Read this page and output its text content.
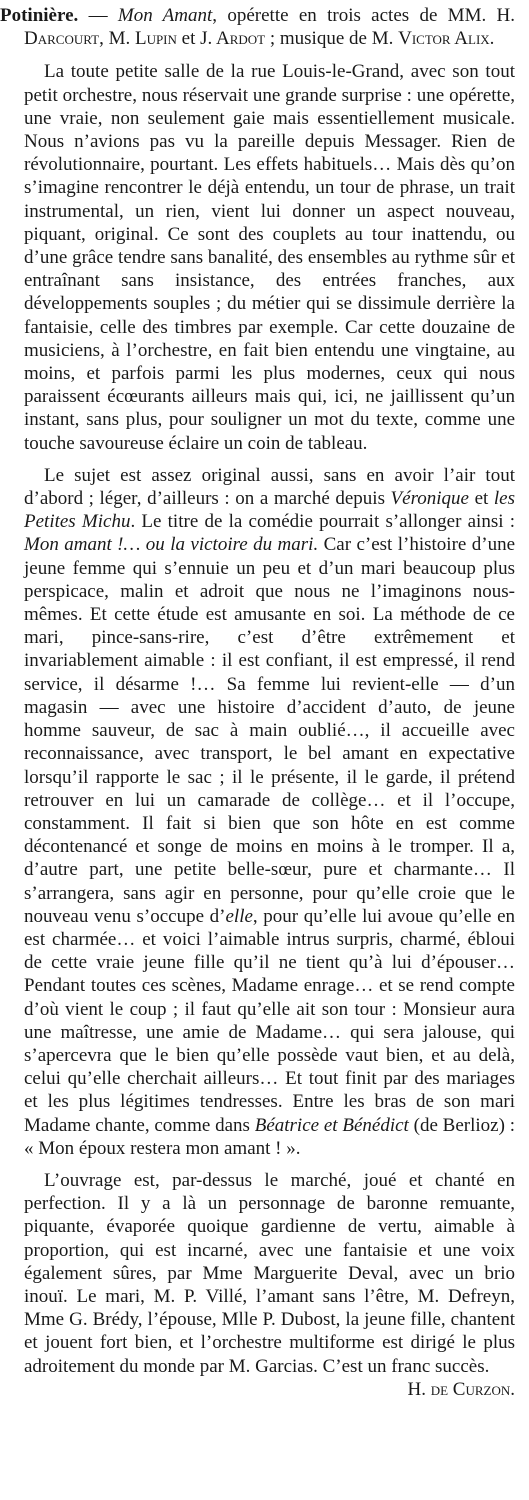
Potinière. — Mon Amant, opérette en trois actes de MM. H. Darcourt, M. Lupin et J. Ardot ; musique de M. Victor Alix.

La toute petite salle de la rue Louis-le-Grand, avec son tout petit orchestre, nous réservait une grande surprise : une opérette, une vraie, non seulement gaie mais essentiellement musicale. Nous n’avions pas vu la pareille depuis Messager. Rien de révolutionnaire, pourtant. Les effets habituels… Mais dès qu’on s’imagine rencontrer le déjà entendu, un tour de phrase, un trait instrumental, un rien, vient lui donner un aspect nouveau, piquant, original. Ce sont des couplets au tour inattendu, ou d’une grâce tendre sans banalité, des ensembles au rythme sûr et entraînant sans insistance, des entrées franches, aux développements souples ; du métier qui se dissimule derrière la fantaisie, celle des timbres par exemple. Car cette douzaine de musiciens, à l’orchestre, en fait bien entendu une vingtaine, au moins, et parfois parmi les plus modernes, ceux qui nous paraissent écœurants ailleurs mais qui, ici, ne jaillissent qu’un instant, sans plus, pour souligner un mot du texte, comme une touche savoureuse éclaire un coin de tableau.

Le sujet est assez original aussi, sans en avoir l’air tout d’abord ; léger, d’ailleurs : on a marché depuis Véronique et les Petites Michu. Le titre de la comédie pourrait s’allonger ainsi : Mon amant !… ou la victoire du mari. Car c’est l’histoire d’une jeune femme qui s’ennuie un peu et d’un mari beaucoup plus perspicace, malin et adroit que nous ne l’imaginons nous-mêmes. Et cette étude est amusante en soi. La méthode de ce mari, pince-sans-rire, c’est d’être extrêmement et invariablement aimable : il est confiant, il est empressé, il rend service, il désarme !… Sa femme lui revient-elle — d’un magasin — avec une histoire d’accident d’auto, de jeune homme sauveur, de sac à main oublié…, il accueille avec reconnaissance, avec transport, le bel amant en expectative lorsqu’il rapporte le sac ; il le présente, il le garde, il prétend retrouver en lui un camarade de collège… et il l’occupe, constamment. Il fait si bien que son hôte en est comme décontenancé et songe de moins en moins à le tromper. Il a, d’autre part, une petite belle-sœur, pure et charmante… Il s’arrangera, sans agir en personne, pour qu’elle croie que le nouveau venu s’occupe d’elle, pour qu’elle lui avoue qu’elle en est charmée… et voici l’aimable intrus surpris, charmé, ébloui de cette vraie jeune fille qu’il ne tient qu’à lui d’épouser… Pendant toutes ces scènes, Madame enrage… et se rend compte d’où vient le coup ; il faut qu’elle ait son tour : Monsieur aura une maîtresse, une amie de Madame… qui sera jalouse, qui s’apercevra que le bien qu’elle possède vaut bien, et au delà, celui qu’elle cherchait ailleurs… Et tout finit par des mariages et les plus légitimes tendresses. Entre les bras de son mari Madame chante, comme dans Béatrice et Bénédict (de Berlioz) : « Mon époux restera mon amant ! ».

L’ouvrage est, par-dessus le marché, joué et chanté en perfection. Il y a là un personnage de baronne remuante, piquante, évaporée quoique gardienne de vertu, aimable à proportion, qui est incarné, avec une fantaisie et une voix également sûres, par Mme Marguerite Deval, avec un brio inouï. Le mari, M. P. Villé, l’amant sans l’être, M. Defreyn, Mme G. Brédy, l’épouse, Mlle P. Dubost, la jeune fille, chantent et jouent fort bien, et l’orchestre multiforme est dirigé le plus adroitement du monde par M. Garcias. C’est un franc succès.
H. de Curzon.
